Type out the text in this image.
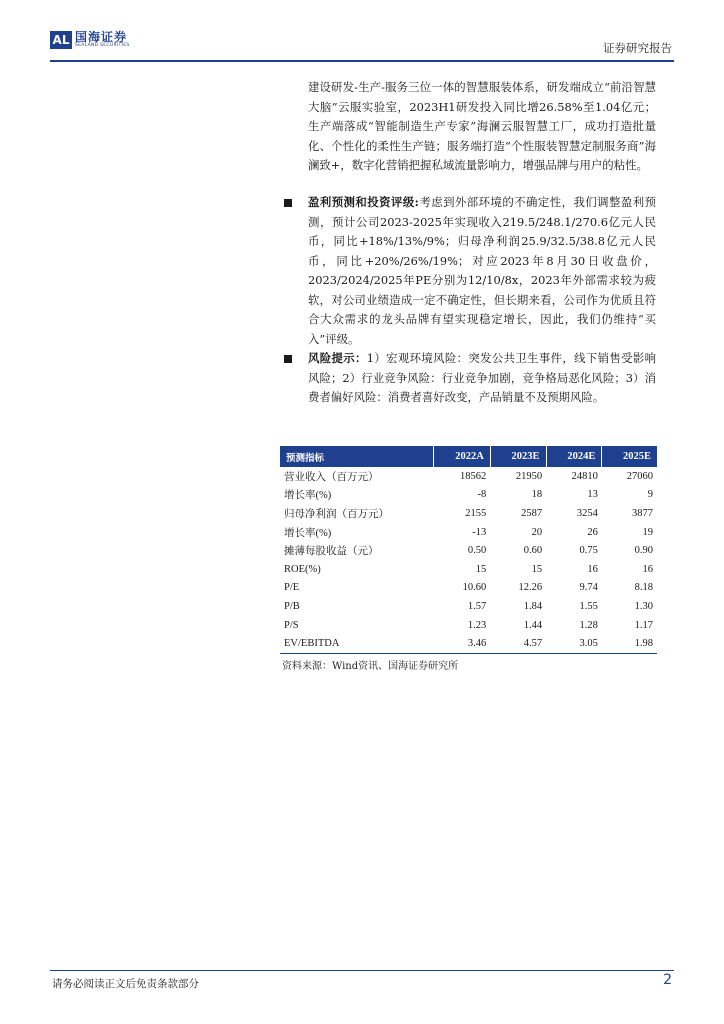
AL 国海证券
SEALAND SECURITIES	证券研究报告
建设研发-生产-服务三位一体的智慧服装体系，研发端成立“前沿智慧大脑”云服实验室，2023H1研发投入同比增26.58%至1.04亿元；生产端落成“智能制造生产专家”海澜云服智慧工厂，成功打造批量化、个性化的柔性生产链；服务端打造“个性服装智慧定制服务商”海澜致+，数字化营销把握私域流量影响力，增强品牌与用户的粘性。
盈利预测和投资评级:考虑到外部环境的不确定性，我们调整盈利预测，预计公司2023-2025年实现收入219.5/248.1/270.6亿元人民币，同比+18%/13%/9%；归母净利润25.9/32.5/38.8亿元人民币，同比+20%/26%/19%；对应2023年8月30日收盘价，2023/2024/2025年PE分别为12/10/8x，2023年外部需求较为疲软，对公司业绩造成一定不确定性，但长期来看，公司作为优质且符合大众需求的龙头品牌有望实现稳定增长，因此，我们仍维持“买入”评级。
风险提示：1）宏观环境风险：突发公共卫生事件，线下销售受影响风险；2）行业竞争风险：行业竞争加剧，竞争格局恶化风险；3）消费者偏好风险：消费者喜好改变，产品销量不及预期风险。
预测指标	2022A	2023E	2024E	2025E
营业收入（百万元）	18562	21950	24810	27060
增长率(%)	-8	18	13	9
归母净利润（百万元）	2155	2587	3254	3877
增长率(%)	-13	20	26	19
摊薄每股收益（元）	0.50	0.60	0.75	0.90
ROE(%)	15	15	16	16
P/E	10.60	12.26	9.74	8.18
P/B	1.57	1.84	1.55	1.30
P/S	1.23	1.44	1.28	1.17
EV/EBITDA	3.46	4.57	3.05	1.98
资料来源：Wind资讯、国海证券研究所
请务必阅读正文后免责条款部分	2
